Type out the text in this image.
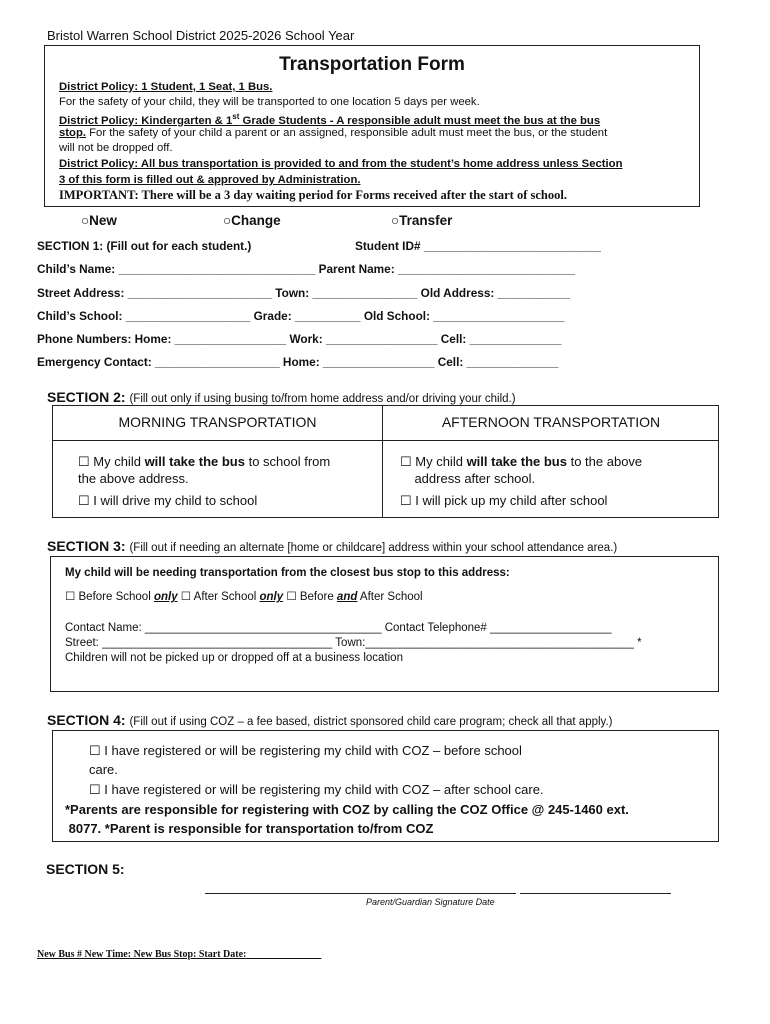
Bristol Warren School District 2025-2026 School Year
Transportation Form
District Policy: 1 Student, 1 Seat, 1 Bus.
For the safety of your child, they will be transported to one location 5 days per week.
District Policy: Kindergarten & 1st Grade Students - A responsible adult must meet the bus at the bus
stop. For the safety of your child a parent or an assigned, responsible adult must meet the bus, or the student
will not be dropped off.
District Policy: All bus transportation is provided to and from the student’s home address unless Section
3 of this form is filled out & approved by Administration.
IMPORTANT: There will be a 3 day waiting period for Forms received after the start of school.
○New	○Change	○Transfer
SECTION 1: (Fill out for each student.)	Student ID# ___________________________
Child’s Name: ______________________________ Parent Name: ___________________________
Street Address: ______________________ Town: ________________ Old Address: ___________
Child’s School: ___________________ Grade: __________ Old School: ____________________
Phone Numbers: Home: _________________ Work: _________________ Cell: ______________
Emergency Contact: ___________________ Home: _________________ Cell: ______________
SECTION 2: (Fill out only if using busing to/from home address and/or driving your child.)
MORNING TRANSPORTATION	AFTERNOON TRANSPORTATION
☐ My child will take the bus to school from
the above address.
☐ I will drive my child to school
☐ My child will take the bus to the above
address after school.
☐ I will pick up my child after school
SECTION 3: (Fill out if needing an alternate [home or childcare] address within your school attendance area.)
My child will be needing transportation from the closest bus stop to this address:
☐ Before School only ☐ After School only ☐ Before and After School
Contact Name: _____________________________________ Contact Telephone# ___________________
Street: ____________________________________ Town:__________________________________________ *
Children will not be picked up or dropped off at a business location
SECTION 4: (Fill out if using COZ – a fee based, district sponsored child care program; check all that apply.)
☐ I have registered or will be registering my child with COZ – before school
care.
☐ I have registered or will be registering my child with COZ – after school care.
*Parents are responsible for registering with COZ by calling the COZ Office @ 245-1460 ext.
8077. *Parent is responsible for transportation to/from COZ
SECTION 5:
Parent/Guardian Signature Date
New Bus # New Time: New Bus Stop: Start Date:
